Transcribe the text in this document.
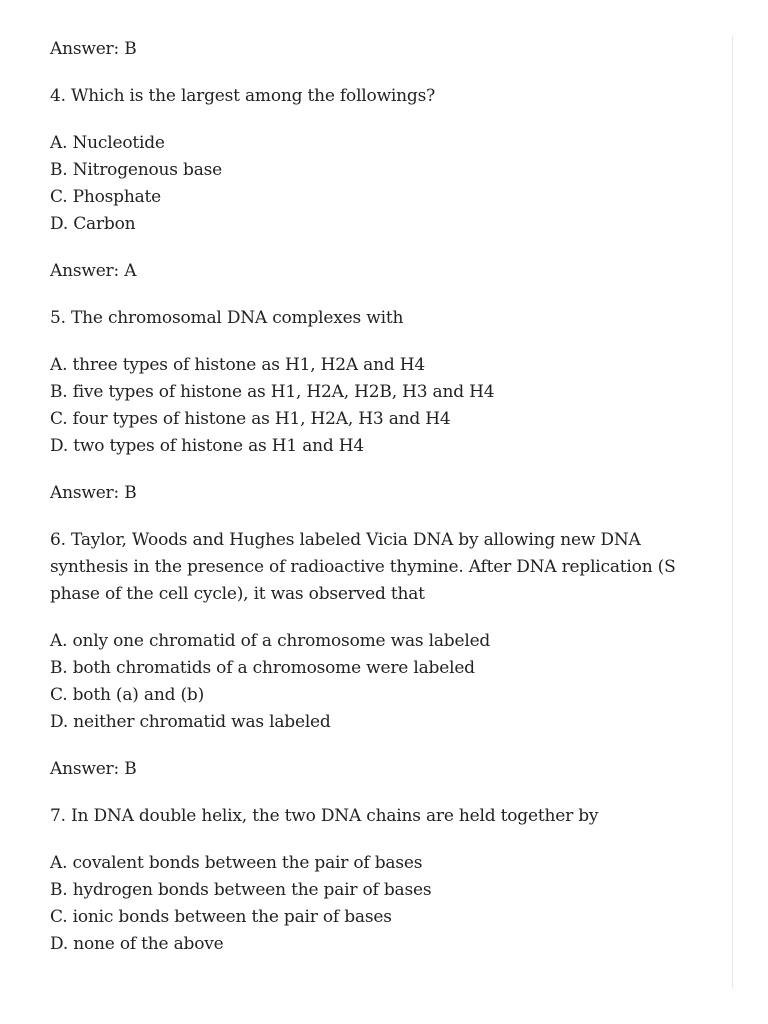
Answer: B

4. Which is the largest among the followings?

A. Nucleotide
B. Nitrogenous base
C. Phosphate
D. Carbon

Answer: A

5. The chromosomal DNA complexes with

A. three types of histone as H1, H2A and H4
B. five types of histone as H1, H2A, H2B, H3 and H4
C. four types of histone as H1, H2A, H3 and H4
D. two types of histone as H1 and H4

Answer: B

6. Taylor, Woods and Hughes labeled Vicia DNA by allowing new DNA synthesis in the presence of radioactive thymine. After DNA replication (S phase of the cell cycle), it was observed that

A. only one chromatid of a chromosome was labeled
B. both chromatids of a chromosome were labeled
C. both (a) and (b)
D. neither chromatid was labeled

Answer: B

7. In DNA double helix, the two DNA chains are held together by

A. covalent bonds between the pair of bases
B. hydrogen bonds between the pair of bases
C. ionic bonds between the pair of bases
D. none of the above
